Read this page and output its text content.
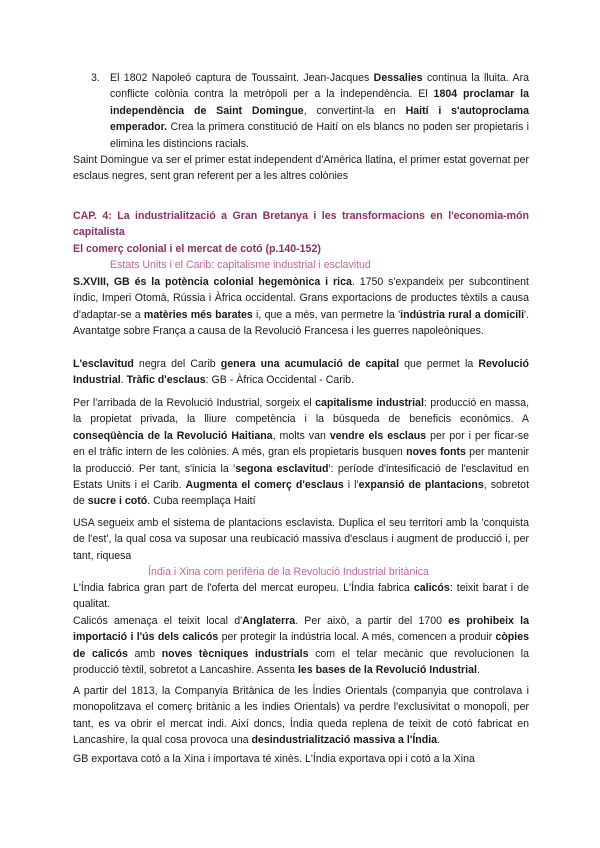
3. El 1802 Napoleó captura de Toussaint. Jean-Jacques Dessalies continua la lluita. Ara conflicte colònia contra la metròpoli per a la independència. El 1804 proclamar la independència de Saint Domingue, convertint-la en Haití i s'autoproclama emperador. Crea la primera constitució de Haití on els blancs no poden ser propietaris i elimina les distincions racials.
Saint Domingue va ser el primer estat independent d'Amèrica llatina, el primer estat governat per esclaus negres, sent gran referent per a les altres colònies
CAP. 4: La industrialització a Gran Bretanya i les transformacions en l'economia-món capitalista
El comerç colonial i el mercat de cotó (p.140-152)
Estats Units i el Carib: capitalisme industrial i esclavitud
S.XVIII, GB és la potència colonial hegemònica i rica. 1750 s'expandeix per subcontinent índic, Imperi Otomà, Rússia i Àfrica occidental. Grans exportacions de productes tèxtils a causa d'adaptar-se a matèries més barates i, que a més, van permetre la 'indústria rural a domicili'. Avantatge sobre França a causa de la Revolució Francesa i les guerres napoleòniques.
L'esclavitud negra del Carib genera una acumulació de capital que permet la Revolució Industrial. Tràfic d'esclaus: GB - Àfrica Occidental - Carib.
Per l'arribada de la Revolució Industrial, sorgeix el capitalisme industrial: producció en massa, la propietat privada, la lliure competència i la búsqueda de beneficis econòmics. A conseqüència de la Revolució Haitiana, molts van vendre els esclaus per por i per ficar-se en el tràfic intern de les colònies. A més, gran els propietaris busquen noves fonts per mantenir la producció. Per tant, s'inicia la 'segona esclavitud': període d'intesificació de l'esclavitud en Estats Units i el Carib. Augmenta el comerç d'esclaus i l'expansió de plantacions, sobretot de sucre i cotó. Cuba reemplaça Haití
USA segueix amb el sistema de plantacions esclavista. Duplica el seu territori amb la 'conquista de l'est', la qual cosa va suposar una reubicació massiva d'esclaus i augment de producció i, per tant, riquesa
Índia i Xina com perifèria de la Revolució Industrial britànica
L'Índia fabrica gran part de l'oferta del mercat europeu. L'Índia fabrica calicós: teixit barat i de qualitat.
Calicós amenaça el teixit local d'Anglaterra. Per això, a partir del 1700 es prohibeix la importació i l'ús dels calicós per protegir la indústria local. A més, comencen a produir còpies de calicós amb noves tècniques industrials com el telar mecànic que revolucionen la producció tèxtil, sobretot a Lancashire. Assenta les bases de la Revolució Industrial.
A partir del 1813, la Companyia Britànica de les Índies Orientals (companyia que controlava i monopolitzava el comerç britànic a les índies Orientals) va perdre l'exclusivitat o monopoli, per tant, es va obrir el mercat indi. Així doncs, Índia queda replena de teixit de cotó fabricat en Lancashire, la qual cosa provoca una desindustrialització massiva a l'Índia.
GB exportava cotó a la Xina i importava té xinès. L'Índia exportava opi i cotó a la Xina
